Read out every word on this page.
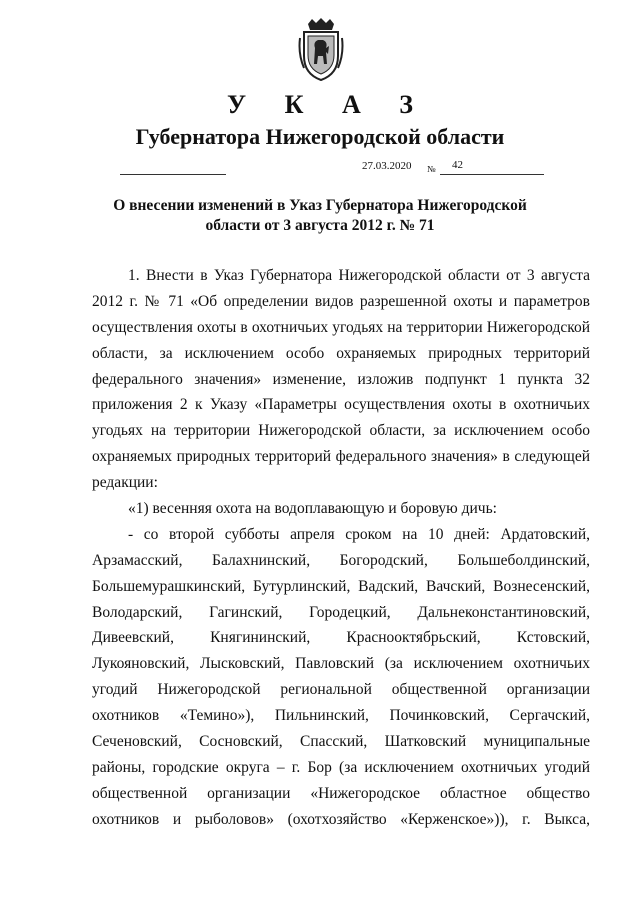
У К А З
Губернатора Нижегородской области
27.03.2020 № 42
О внесении изменений в Указ Губернатора Нижегородской
области от 3 августа 2012 г. № 71
1. Внести в Указ Губернатора Нижегородской области от 3 августа
2012 г. № 71 «Об определении видов разрешенной охоты и параметров
осуществления охоты в охотничьих угодьях на территории Нижегородской
области, за исключением особо охраняемых природных территорий
федерального значения» изменение, изложив подпункт 1 пункта 32
приложения 2 к Указу «Параметры осуществления охоты в охотничьих
угодьях на территории Нижегородской области, за исключением особо
охраняемых природных территорий федерального значения» в следующей
редакции:
«1) весенняя охота на водоплавающую и боровую дичь:
- со второй субботы апреля сроком на 10 дней: Ардатовский,
Арзамасский, Балахнинский, Богородский, Большеболдинский,
Большемурашкинский, Бутурлинский, Вадский, Вачский, Вознесенский,
Володарский, Гагинский, Городецкий, Дальнеконстантиновский,
Дивеевский, Княгининский, Краснооктябрьский, Кстовский,
Лукояновский, Лысковский, Павловский (за исключением охотничьих
угодий Нижегородской региональной общественной организации
охотников «Темино»), Пильнинский, Починковский, Сергачский,
Сеченовский, Сосновский, Спасский, Шатковский муниципальные
районы, городские округа – г. Бор (за исключением охотничьих угодий
общественной организации «Нижегородское областное общество
охотников и рыболовов» (охотхозяйство «Керженское»)), г. Выкса,
